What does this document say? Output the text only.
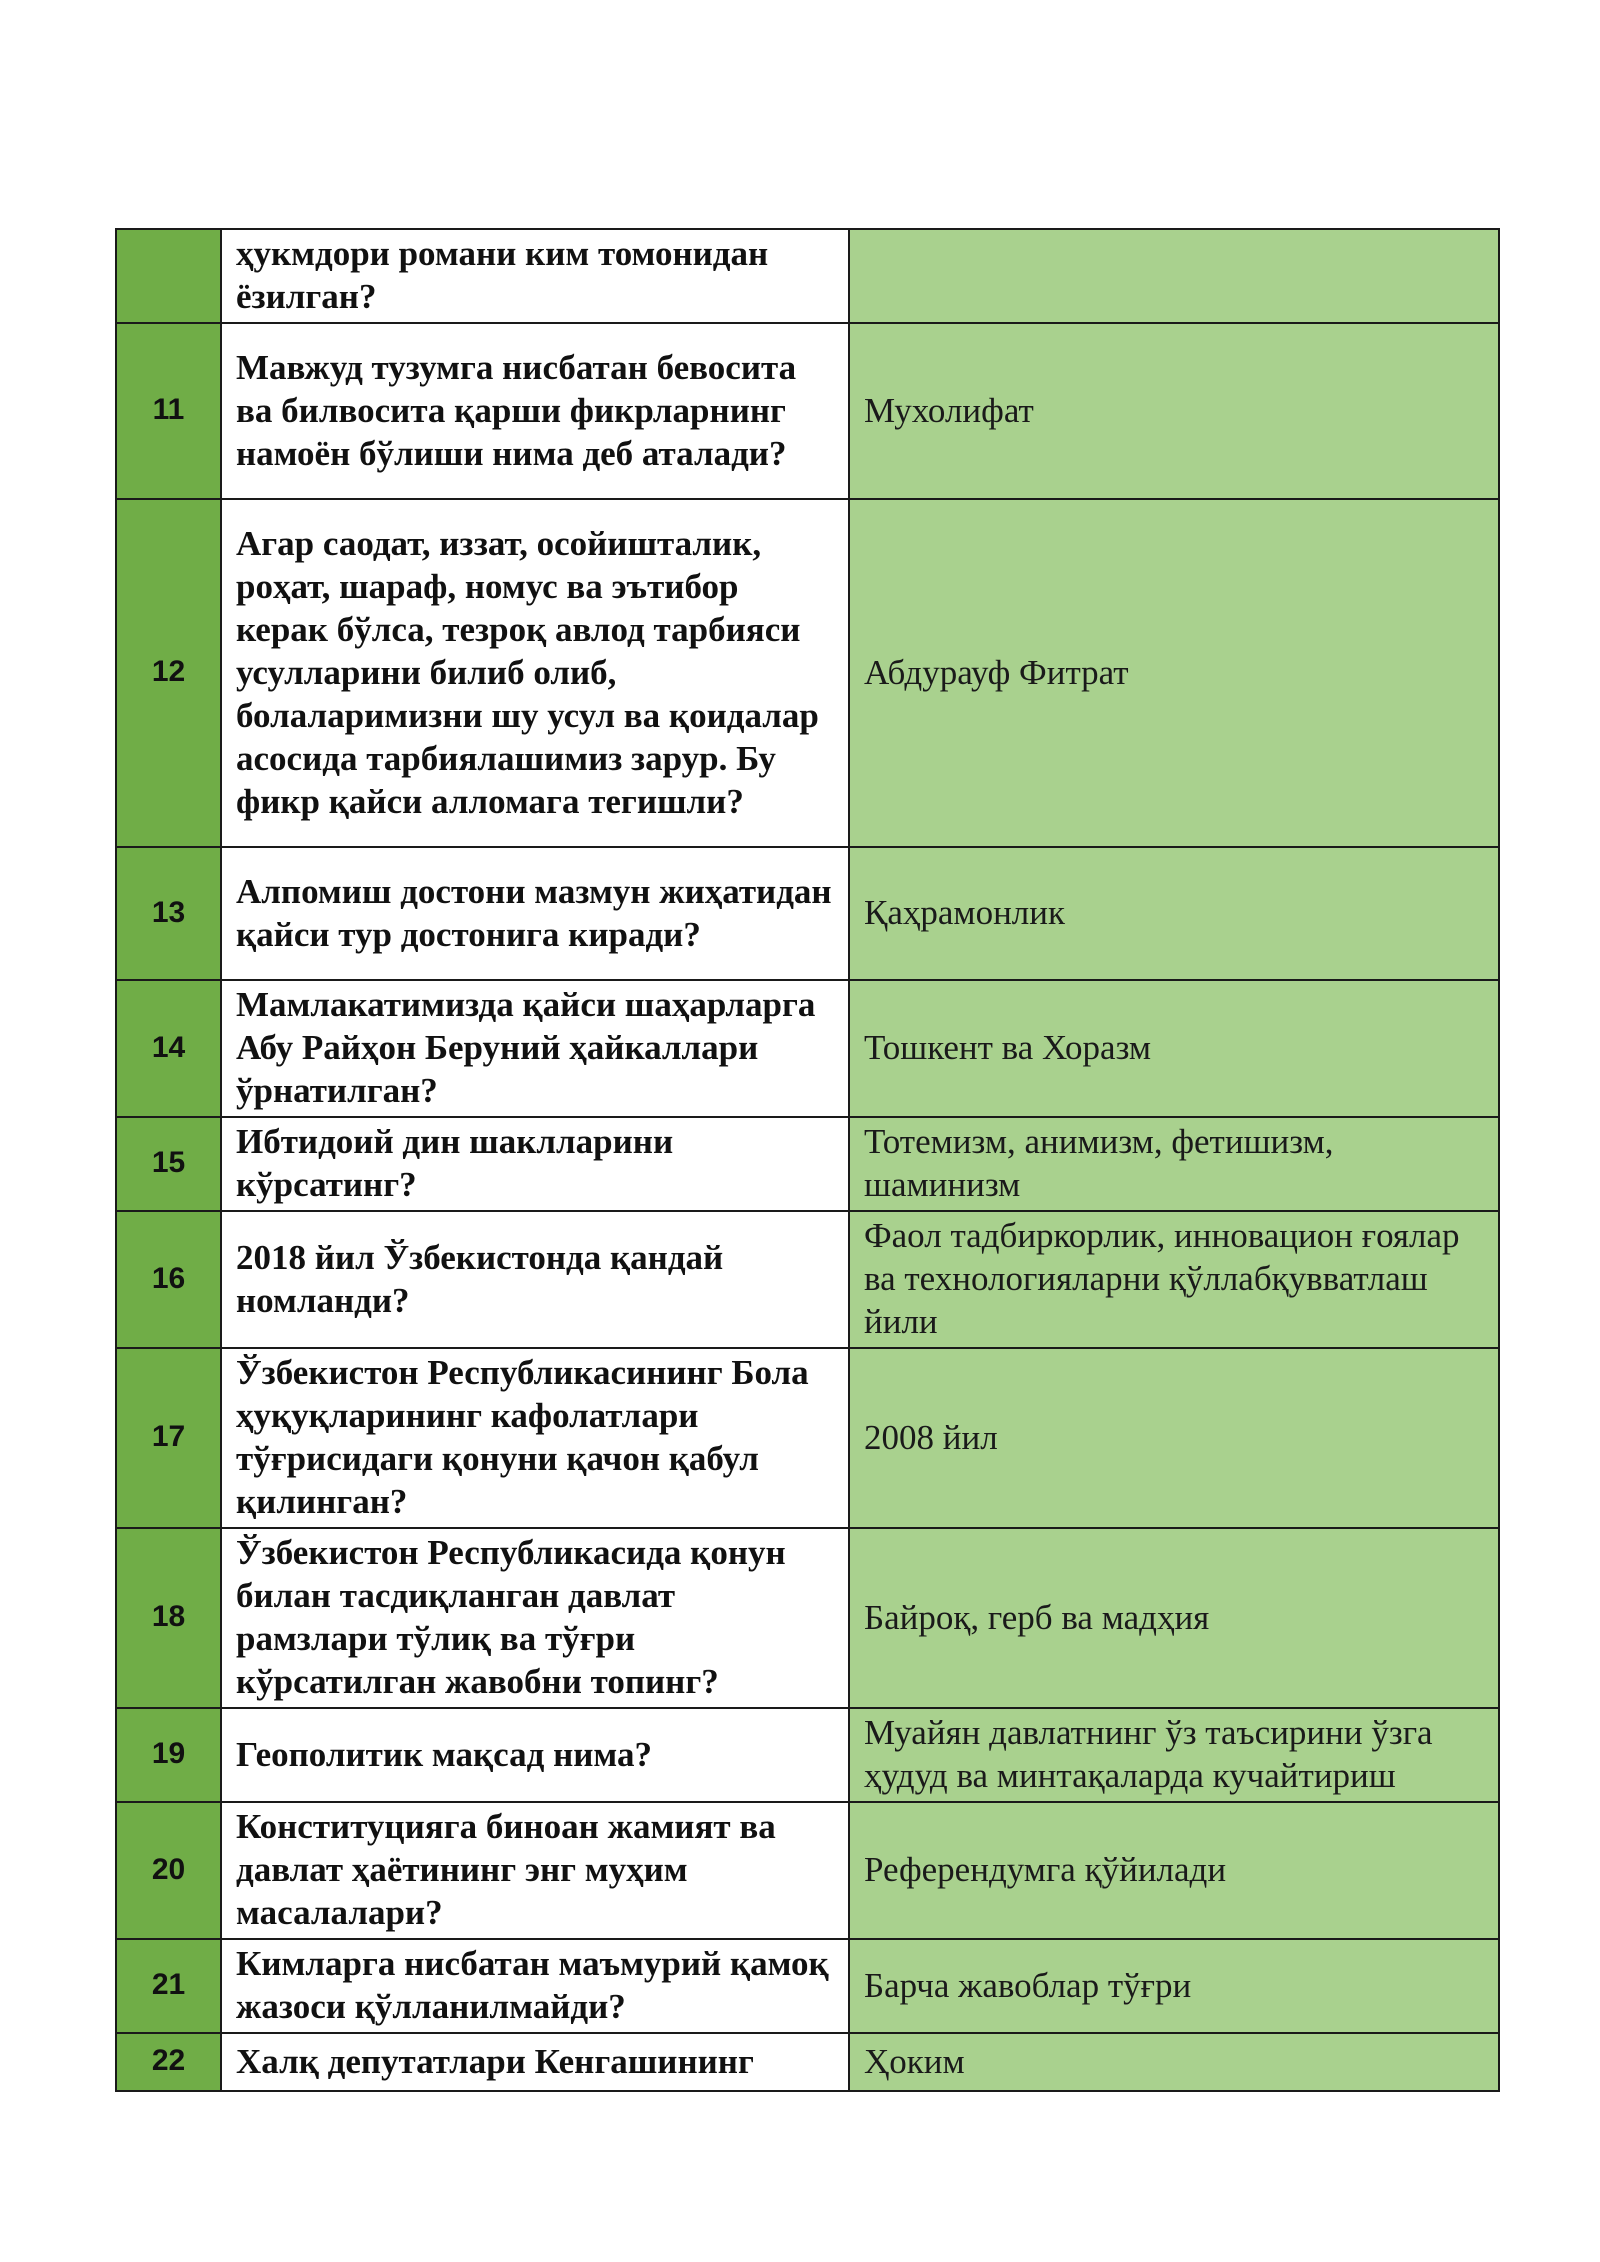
	ҳукмдори романи ким томонидан ёзилган?	
11	Мавжуд тузумга нисбатан бевосита ва билвосита қарши фикрларнинг намоён бўлиши нима деб аталади?	Мухолифат
12	Агар саодат, иззат, осойишталик, роҳат, шараф, номус ва эътибор керак бўлса, тезроқ авлод тарбияси усулларини билиб олиб, болаларимизни шу усул ва қоидалар асосида тарбиялашимиз зарур. Бу фикр қайси алломага тегишли?	Абдурауф Фитрат
13	Алпомиш достони мазмун жиҳатидан қайси тур достонига киради?	Қаҳрамонлик
14	Мамлакатимизда қайси шаҳарларга Абу Райҳон Беруний ҳайкаллари ўрнатилган?	Тошкент ва Хоразм
15	Ибтидоий дин шаклларини кўрсатинг?	Тотемизм, анимизм, фетишизм, шаминизм
16	2018 йил Ўзбекистонда қандай номланди?	Фаол тадбиркорлик, инновацион ғоялар ва технологияларни қўллабқувватлаш йили
17	Ўзбекистон Республикасининг Бола ҳуқуқларининг кафолатлари тўғрисидаги қонуни қачон қабул қилинган?	2008 йил
18	Ўзбекистон Республикасида қонун билан тасдиқланган давлат рамзлари тўлиқ ва тўғри кўрсатилган жавобни топинг?	Байроқ, герб ва мадҳия
19	Геополитик мақсад нима?	Муайян давлатнинг ўз таъсирини ўзга ҳудуд ва минтақаларда кучайтириш
20	Конституцияга биноан жамият ва давлат ҳаётининг энг муҳим масалалари?	Референдумга қўйилади
21	Кимларга нисбатан маъмурий қамоқ жазоси қўлланилмайди?	Барча жавоблар тўғри
22	Халқ депутатлари Кенгашининг	Ҳоким
